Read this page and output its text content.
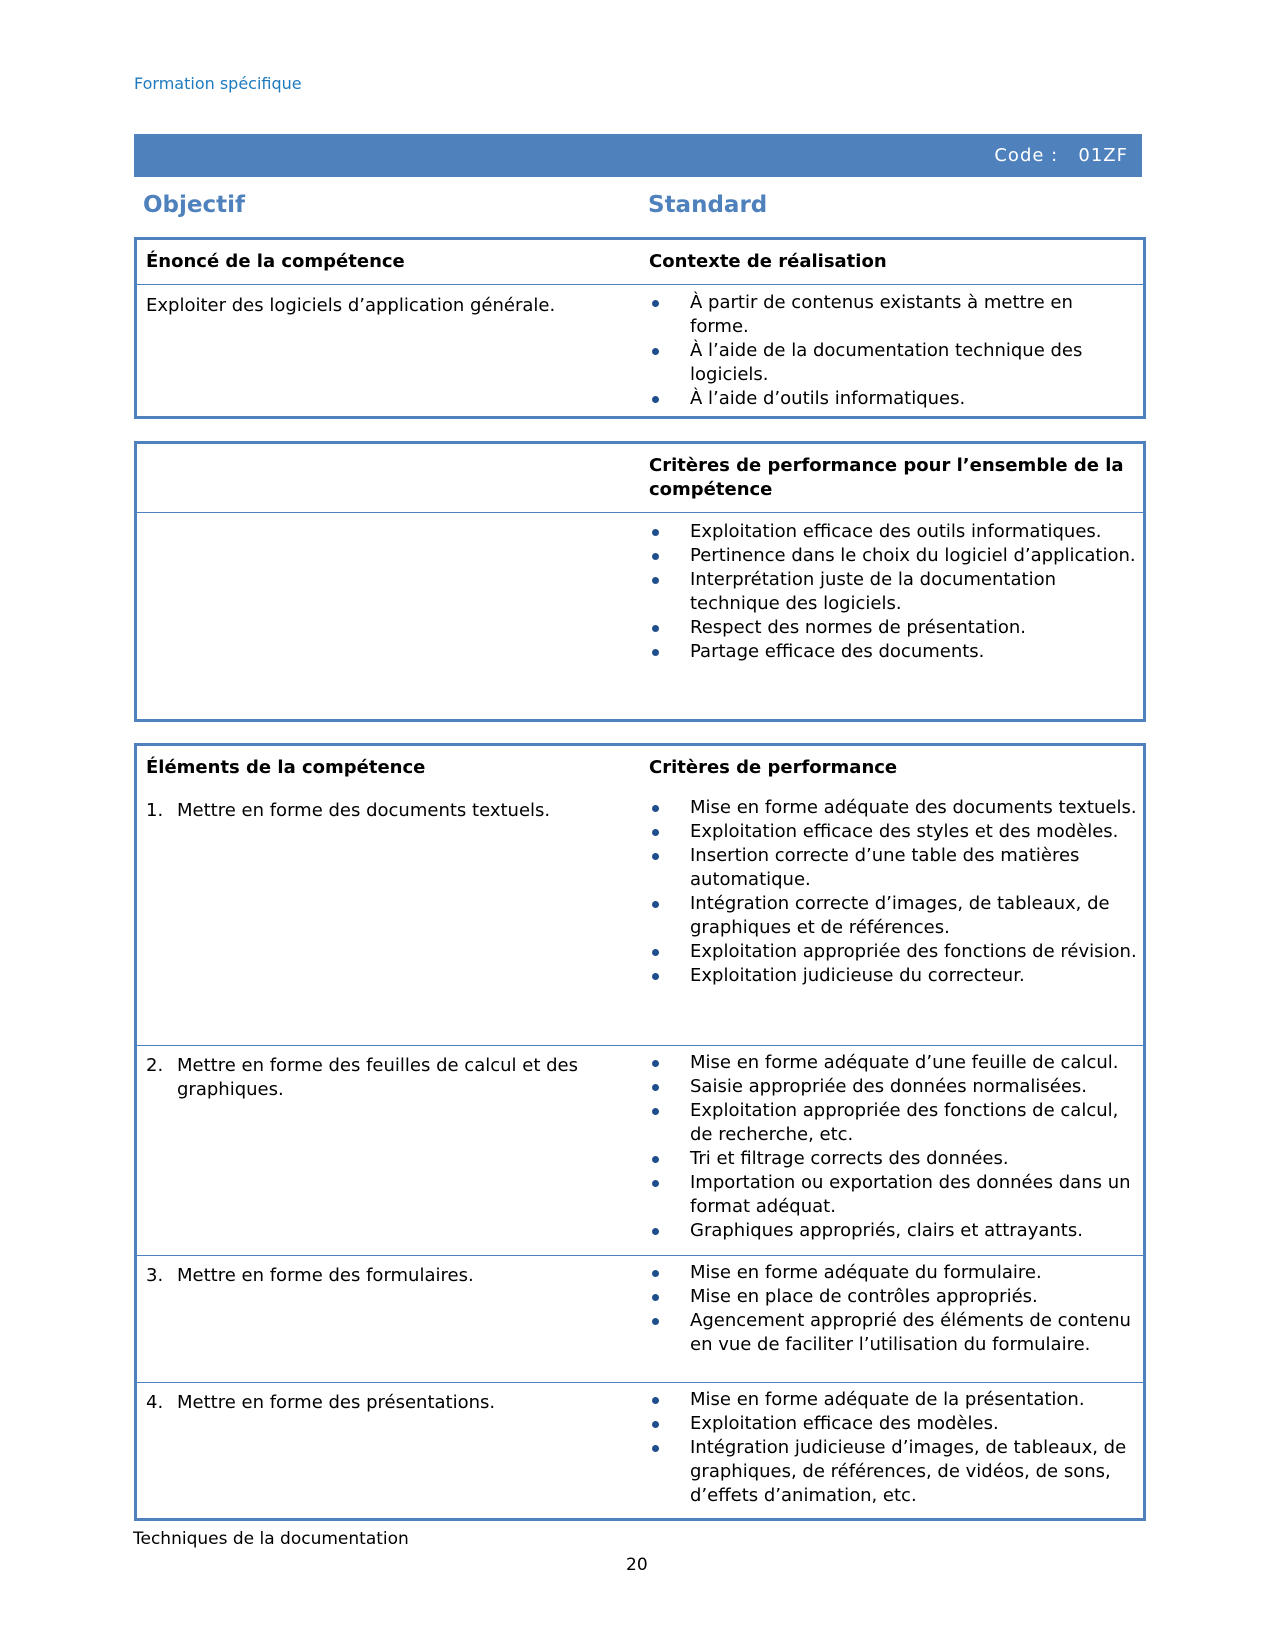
Formation spécifique
Code : 01ZF
Objectif	Standard
Énoncé de la compétence	Contexte de réalisation
Exploiter des logiciels d’application générale.	À partir de contenus existants à mettre en forme.
À l’aide de la documentation technique des logiciels.
À l’aide d’outils informatiques.
Critères de performance pour l’ensemble de la compétence
Exploitation efficace des outils informatiques.
Pertinence dans le choix du logiciel d’application.
Interprétation juste de la documentation technique des logiciels.
Respect des normes de présentation.
Partage efficace des documents.
Éléments de la compétence	Critères de performance
1. Mettre en forme des documents textuels.	Mise en forme adéquate des documents textuels.
Exploitation efficace des styles et des modèles.
Insertion correcte d’une table des matières automatique.
Intégration correcte d’images, de tableaux, de graphiques et de références.
Exploitation appropriée des fonctions de révision.
Exploitation judicieuse du correcteur.
2. Mettre en forme des feuilles de calcul et des graphiques.
Mise en forme adéquate d’une feuille de calcul.
Saisie appropriée des données normalisées.
Exploitation appropriée des fonctions de calcul, de recherche, etc.
Tri et filtrage corrects des données.
Importation ou exportation des données dans un format adéquat.
Graphiques appropriés, clairs et attrayants.
3. Mettre en forme des formulaires.	Mise en forme adéquate du formulaire.
Mise en place de contrôles appropriés.
Agencement approprié des éléments de contenu en vue de faciliter l’utilisation du formulaire.
4. Mettre en forme des présentations.	Mise en forme adéquate de la présentation.
Exploitation efficace des modèles.
Intégration judicieuse d’images, de tableaux, de graphiques, de références, de vidéos, de sons, d’effets d’animation, etc.
Techniques de la documentation
20
